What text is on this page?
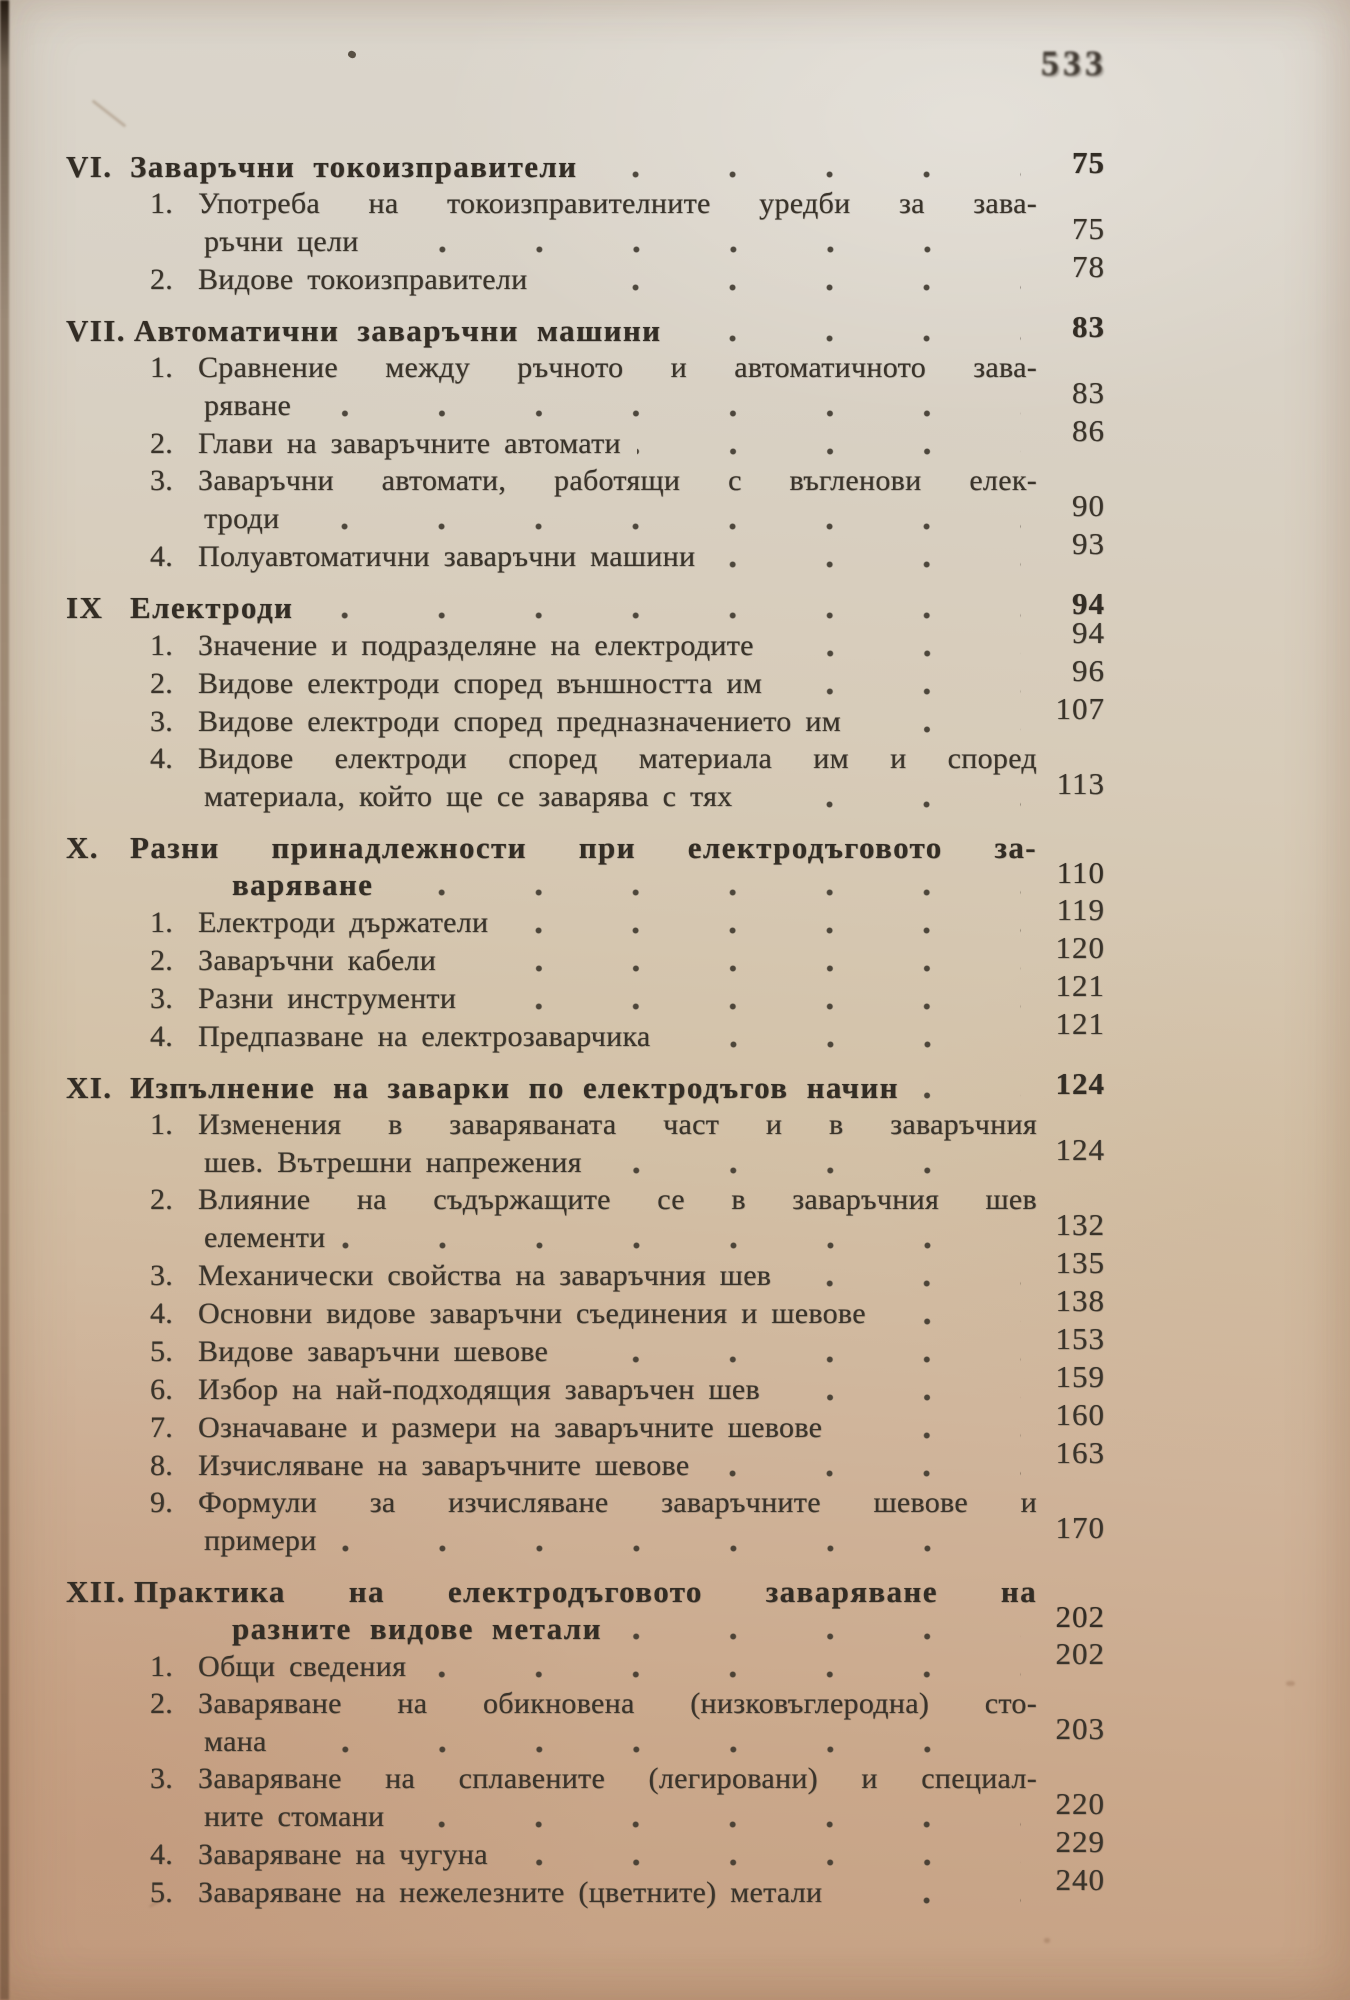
533
VI. Заваръчни токоизправители	75
1. Употреба на токоизправителните уредби за зава-
ръчни цели	75
2. Видове токоизправители	78
VII. Автоматични заваръчни машини	83
1. Сравнение между ръчното и автоматичното зава-
ряване	83
2. Глави на заваръчните автомати	86
3. Заваръчни автомати, работящи с въгленови елек-
троди	90
4. Полуавтоматични заваръчни машини	93
IX Електроди	94
1. Значение и подразделяне на електродите	94
2. Видове електроди според външността им	96
3. Видове електроди според предназначението им	107
4. Видове електроди според материала им и според
материала, който ще се заварява с тях	113
X.	Разни принадлежности при електродъговото за-
варяване	110
1. Електроди държатели	119
2. Заваръчни кабели	120
3. Разни инструменти	121
4. Предпазване на електрозаварчика	121
XI. Изпълнение на заварки по електродъгов начин	124
1. Изменения в заваряваната част и в заваръчния
шев. Вътрешни напрежения	124
2. Влияние на съдържащите се в заваръчния шев
елементи	132
3. Механически свойства на заваръчния шев	135
4. Основни видове заваръчни съединения и шевове	138
5. Видове заваръчни шевове	153
6. Избор на най-подходящия заваръчен шев	159
7. Означаване и размери на заваръчните шевове	160
8. Изчисляване на заваръчните шевове	163
9. Формули за изчисляване заваръчните шевове и
примери	170
XII. Практика на електродъговото заваряване на
разните видове метали	202
1. Общи сведения	202
2. Заваряване на обикновена (низковъглеродна) сто-
мана	203
3. Заваряване на сплавените (легировани) и специал-
ните стомани	220
4. Заваряване на чугуна	229
5. Заваряване на нежелезните (цветните) метали	240
